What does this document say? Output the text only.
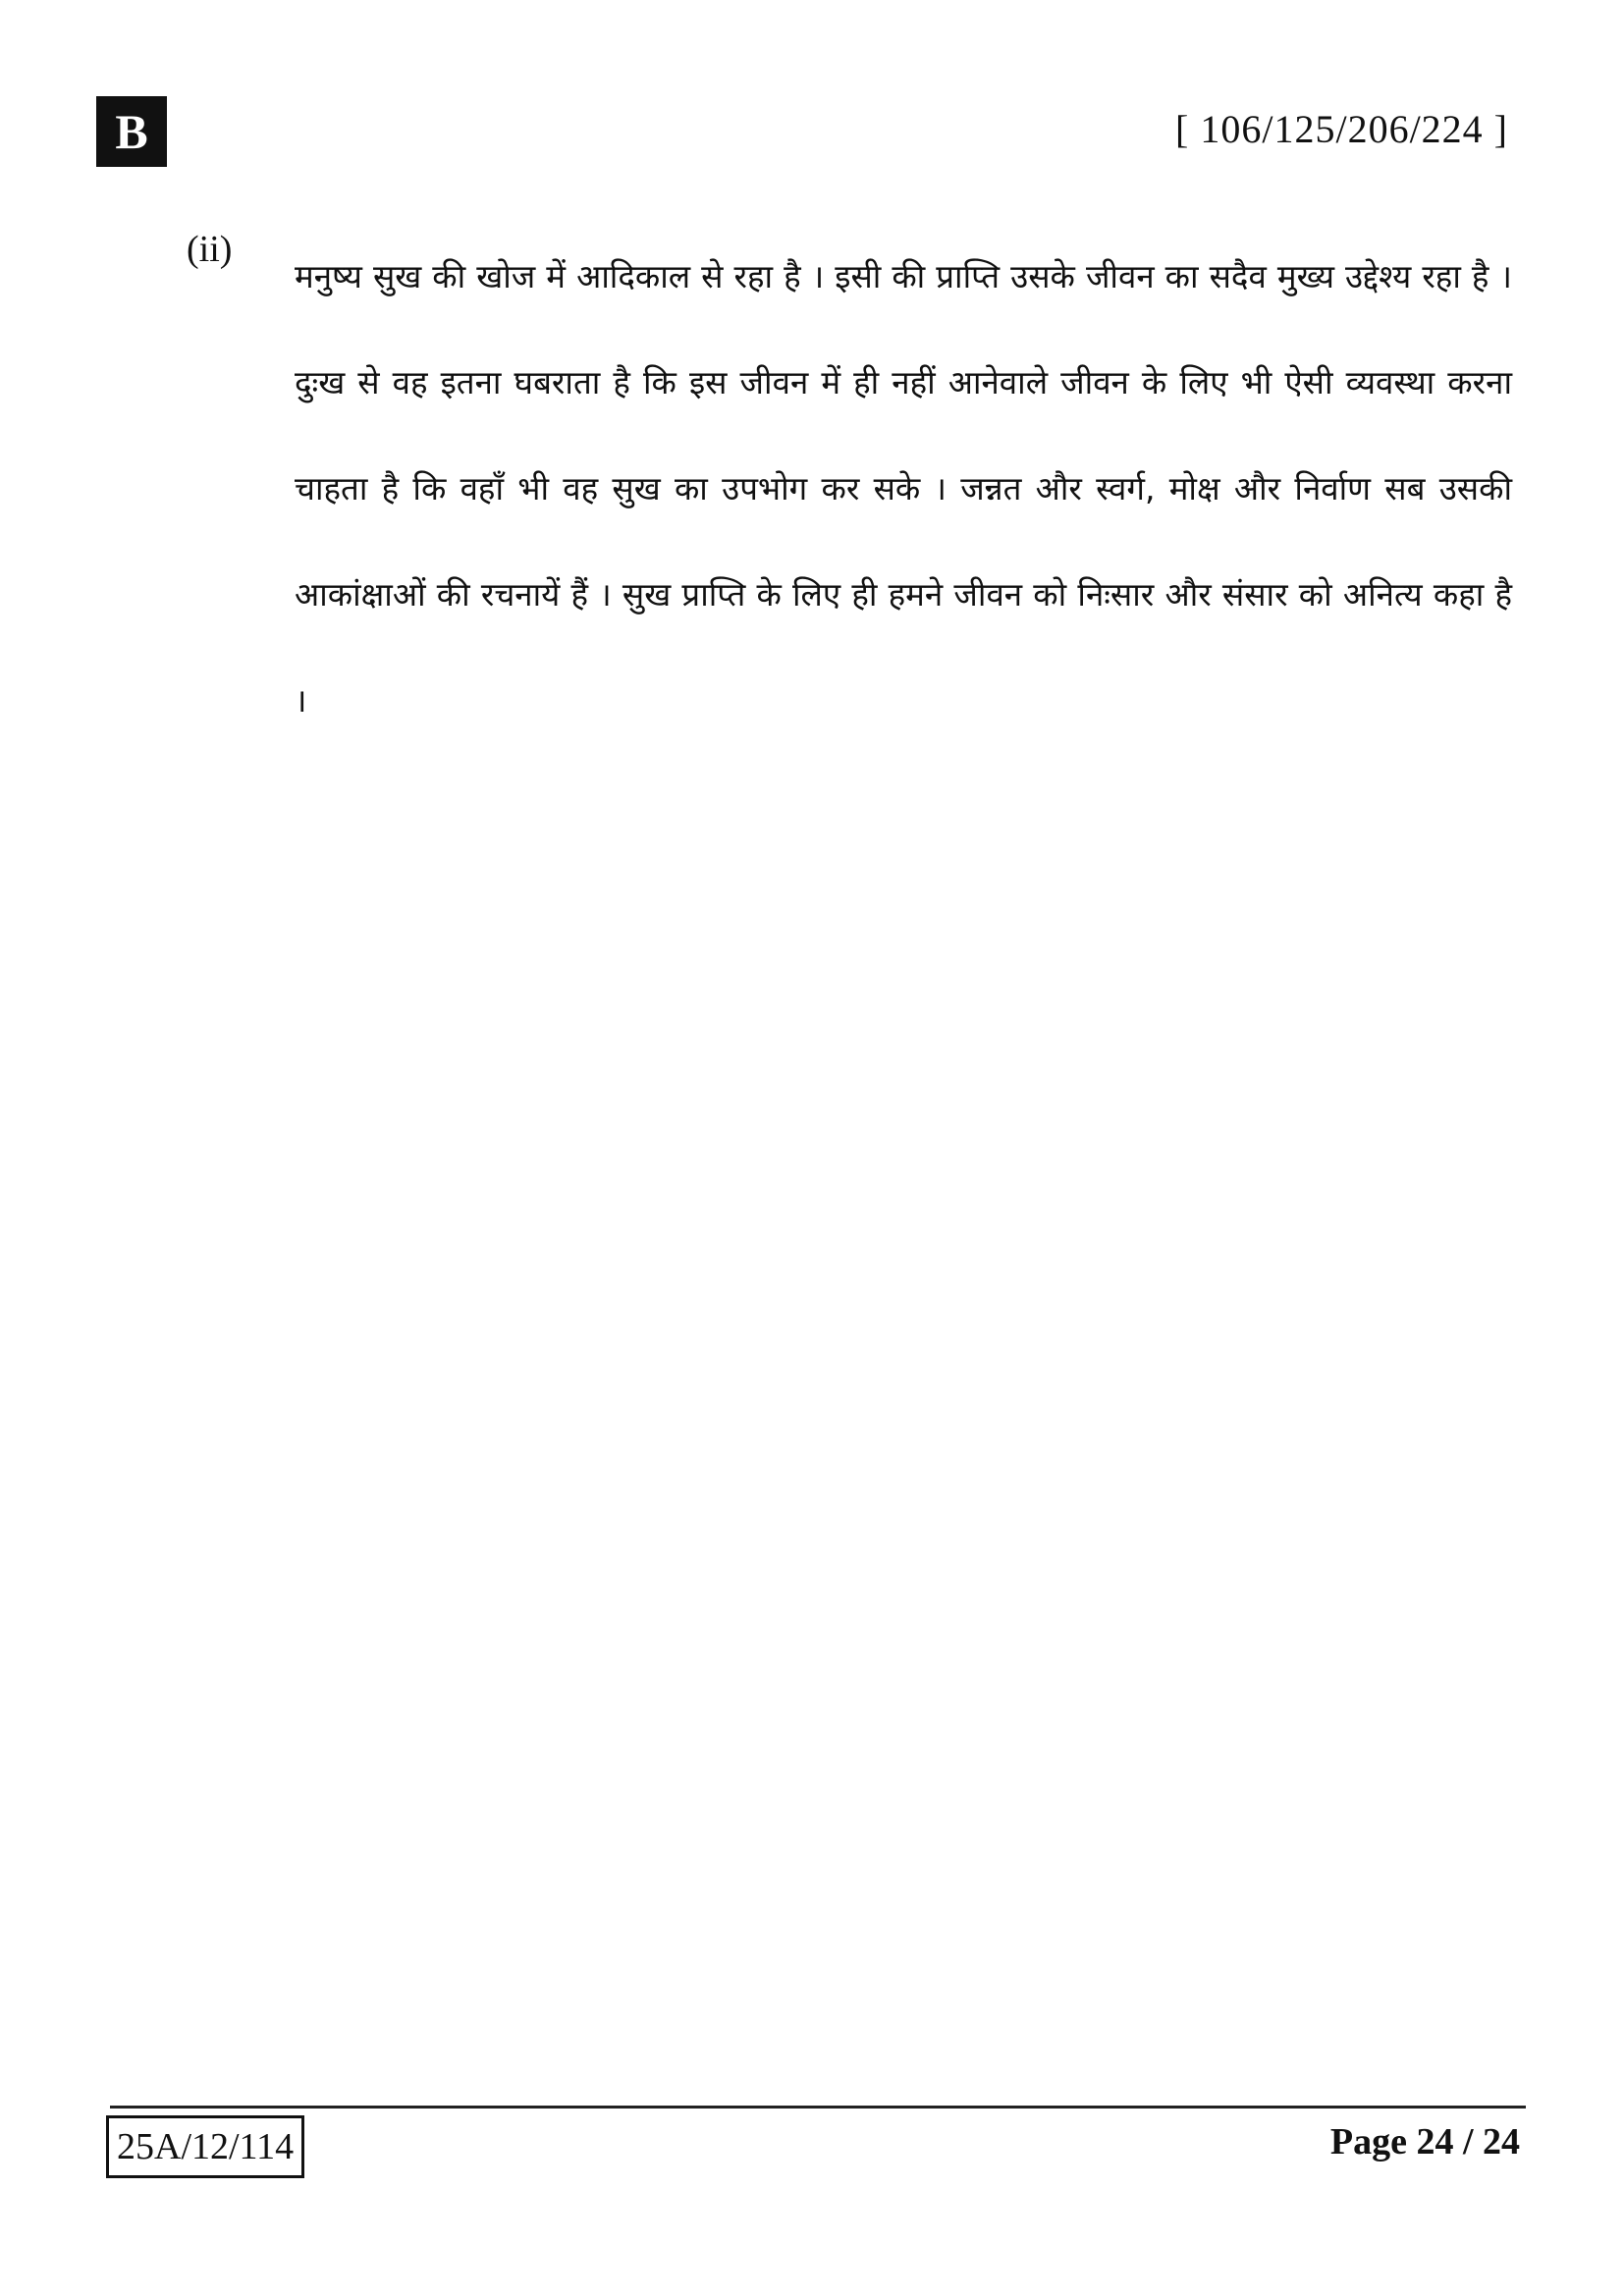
B	[ 106/125/206/224 ]
(ii)

मनुष्य सुख की खोज में आदिकाल से रहा है । इसी की प्राप्ति उसके जीवन का सदैव मुख्य उद्देश्य रहा है । दुःख से वह इतना घबराता है कि इस जीवन में ही नहीं आनेवाले जीवन के लिए भी ऐसी व्यवस्था करना चाहता है कि वहाँ भी वह सुख का उपभोग कर सके । जन्नत और स्वर्ग, मोक्ष और निर्वाण सब उसकी आकांक्षाओं की रचनायें हैं । सुख प्राप्ति के लिए ही हमने जीवन को निःसार और संसार को अनित्य कहा है ।

25A/12/114	Page 24 / 24
